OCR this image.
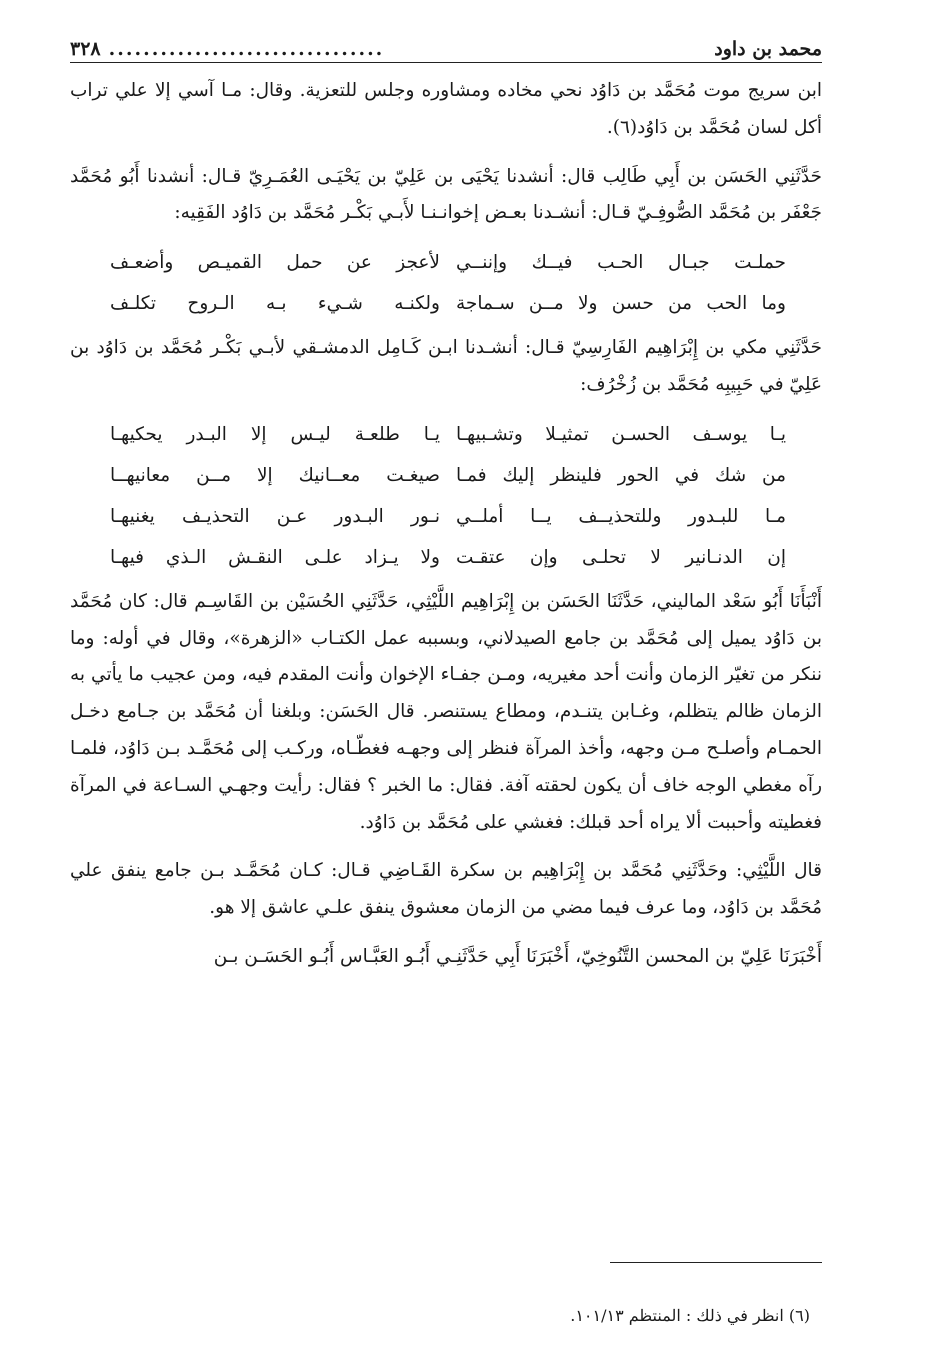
محمد بن داود
................................
٣٢٨

ابن سريج موت مُحَمَّد بن دَاوُد نحي مخاده ومشاوره وجلس للتعزية. وقال: مـا آسي إلا علي تراب أكل لسان مُحَمَّد بن دَاوُد(٦).

حَدَّثَنِي الحَسَن بن أَبِي طَالِب قال: أنشدنا يَحْيَى بن عَلِيّ بن يَحْيَـى العُمَـرِيّ قـال: أنشدنا أَبُو مُحَمَّد جَعْفَر بن مُحَمَّد الصُّوفِـيّ قـال: أنشـدنا بعـض إخوانـنـا لأَبـي بَكْـر مُحَمَّد بن دَاوُد الفَقِيه:

حملـت جبـال الحـب فيــك وإننــي
لأعجز عن حمل القميـص وأضعـف
وما الحب من حسن ولا مــن سـماجة
ولكنـه شـيء بـه الـروح تكلـف

حَدَّثَنِي مكي بن إِبْرَاهِيم الفَارِسِيّ قـال: أنشـدنا ابـن كَـامِل الدمشـقي لأبـي بَكْـر مُحَمَّد بن دَاوُد بن عَلِيّ في حَبِيبِه مُحَمَّد بن زُخْرُف:

يـا يوسـف الحسـن تمثيـلا وتشـبيهـا
يـا طلعـة ليـس إلا البـدر يحكيهـا
من شك في الحور فلينظر إليك فمـا
صيغـت معــانيك إلا مــن معانيهــا
مـا للبـدور وللتحذيــف يــا أملــي
نـور البـدور عـن التحذيـف يغنيهـا
إن الدنـانير لا تحلـى وإن عتقـت
ولا يـزاد علـى النقـش الـذي فيهـا

أَنْبَأَنَا أَبُو سَعْد الماليني، حَدَّثَنَا الحَسَن بن إِبْرَاهِيم اللَّيْثِي، حَدَّثَنِي الحُسَيْن بن القَاسِـم قال: كان مُحَمَّد بن دَاوُد يميل إلى مُحَمَّد بن جامع الصيدلاني، وبسببه عمل الكتـاب «الزهرة»، وقال في أوله: وما ننكر من تغيّر الزمان وأنت أحد مغيريه، ومـن جفـاء الإخوان وأنت المقدم فيه، ومن عجيب ما يأتي به الزمان ظالم يتظلم، وغـابن يتنـدم، ومطاع يستنصر. قال الحَسَن: وبلغنا أن مُحَمَّد بن جـامع دخـل الحمـام وأصلـح مـن وجهه، وأخذ المرآة فنظر إلى وجهـه فغطّـاه، وركـب إلى مُحَمَّـد بـن دَاوُد، فلمـا رآه مغطي الوجه خاف أن يكون لحقته آفة. فقال: ما الخبر ؟ فقال: رأيت وجهـي السـاعة في المرآة فغطيته وأحببت ألا يراه أحد قبلك: فغشي على مُحَمَّد بن دَاوُد.

قال اللَّيْثِي: وحَدَّثَنِي مُحَمَّد بن إِبْرَاهِيم بن سكرة القَـاضِي قـال: كـان مُحَمَّـد بـن جامع ينفق علي مُحَمَّد بن دَاوُد، وما عرف فيما مضي من الزمان معشوق ينفق علـي عاشق إلا هو.

أَخْبَرَنَا عَلِيّ بن المحسن التَّنُوخِيّ، أَخْبَرَنَا أَبِي حَدَّثَنِـي أَبُـو العَبَّـاس أَبُـو الحَسَـن بـن

(٦) انظر في ذلك : المنتظم ١٠١/١٣.
